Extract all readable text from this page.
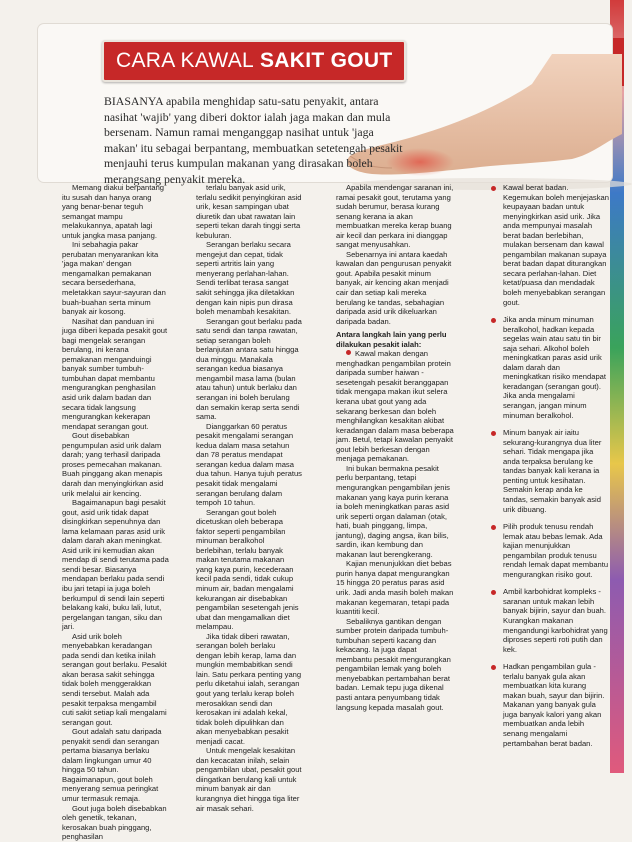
CARA KAWAL SAKIT GOUT

BIASANYA apabila menghidap satu-satu penyakit, antara nasihat 'wajib' yang diberi doktor ialah jaga makan dan mula bersenam. Namun ramai menganggap nasihat untuk 'jaga makan' itu sebagai berpantang, membuatkan setetengah pesakit menjauhi terus kumpulan makanan yang dirasakan boleh merangsang penyakit mereka.

Memang diakui berpantang itu susah dan hanya orang yang benar-benar teguh semangat mampu melakukannya, apatah lagi untuk jangka masa panjang.

Ini sebahagia pakar perubatan menyarankan kita 'jaga makan' dengan mengamalkan pemakanan secara bersederhana, meletakkan sayur-sayuran dan buah-buahan serta minum banyak air kosong.

Nasihat dan panduan ini juga diberi kepada pesakit gout bagi mengelak serangan berulang, ini kerana pemakanan menganduingi banyak sumber tumbuh-tumbuhan dapat membantu mengurangkan penghasilan asid urik dalam badan dan secara tidak langsung mengurangkan kekerapan mendapat serangan gout.

Gout disebabkan pengumpulan asid urik dalam darah; yang terhasil daripada proses pemecahan makanan. Buah pinggang akan menapis darah dan menyingkirkan asid urik melalui air kencing.

Bagaimanapun bagi pesakit gout, asid urik tidak dapat disingkirkan sepenuhnya dan lama kelamaan paras asid urik dalam darah akan meningkat. Asid urik ini kemudian akan mendap di sendi terutama pada sendi besar. Biasanya mendapan berlaku pada sendi ibu jari tetapi ia juga boleh berkumpul di sendi lain seperti belakang kaki, buku lali, lutut, pergelangan tangan, siku dan jari.

Asid urik boleh menyebabkan keradangan pada sendi dan ketika inilah serangan gout berlaku. Pesakit akan berasa sakit sehingga tidak boleh menggerakkan sendi tersebut. Malah ada pesakit terpaksa mengambil cuti sakit setiap kali mengalami serangan gout.

Gout adalah satu daripada penyakit sendi dan serangan pertama biasanya berlaku dalam lingkungan umur 40 hingga 50 tahun. Bagaimanapun, gout boleh menyerang semua peringkat umur termasuk remaja.

Gout juga boleh disebabkan oleh genetik, tekanan, kerosakan buah pinggang, penghasilan

terlalu banyak asid urik, terlalu sedikit penyingkiran asid urik, kesan sampingan ubat diuretik dan ubat rawatan lain seperti tekan darah tinggi serta kebuluran.

Serangan berlaku secara mengejut dan cepat, tidak seperti artritis lain yang menyerang perlahan-lahan. Sendi terlibat terasa sangat sakit sehingga jika diletakkan dengan kain nipis pun dirasa boleh menambah kesakitan.

Serangan gout berlaku pada satu sendi dan tanpa rawatan, setiap serangan boleh berlanjutan antara satu hingga dua minggu. Manakala serangan kedua biasanya mengambil masa lama (bulan atau tahun) untuk berlaku dan serangan ini boleh berulang dan semakin kerap serta sendi sama.

Dianggarkan 60 peratus pesakit mengalami serangan kedua dalam masa setahun dan 78 peratus mendapat serangan kedua dalam masa dua tahun. Hanya tujuh peratus pesakit tidak mengalami serangan berulang dalam tempoh 10 tahun.

Serangan gout boleh dicetuskan oleh beberapa faktor seperti pengambilan minuman beralkohol berlebihan, terlalu banyak makan terutama makanan yang kaya purin, kecederaan kecil pada sendi, tidak cukup minum air, badan mengalami kekurangan air disebabkan pengambilan sesetengah jenis ubat dan mengamalkan diet melampau.

Jika tidak diberi rawatan, serangan boleh berlaku dengan lebih kerap, lama dan mungkin membabitkan sendi lain. Satu perkara penting yang perlu diketahui ialah, serangan gout yang terlalu kerap boleh merosakkan sendi dan kerosakan ini adalah kekal, tidak boleh dipulihkan dan akan menyebabkan pesakit menjadi cacat.

Untuk mengelak kesakitan dan kecacatan inilah, selain pengambilan ubat, pesakit gout diingatkan berulang kali untuk minum banyak air dan kurangnya diet hingga tiga liter air masak sehari.

Apabila mendengar saranan ini, ramai pesakit gout, terutama yang sudah berumur, berasa kurang senang kerana ia akan membuatkan mereka kerap buang air kecil dan perkara ini dianggap sangat menyusahkan.

Sebenarnya ini antara kaedah kawalan dan pengurusan penyakit gout. Apabila pesakit minum banyak, air kencing akan menjadi cair dan setiap kali mereka berulang ke tandas, sebahagian daripada asid urik dikeluarkan daripada badan.

Antara langkah lain yang perlu dilakukan pesakit ialah:

Kawal makan dengan menghadkan pengambilan protein daripada sumber haiwan - sesetengah pesakit beranggapan tidak mengapa makan ikut selera kerana ubat gout yang ada sekarang berkesan dan boleh menghilangkan kesakitan akibat keradangan dalam masa beberapa jam. Betul, tetapi kawalan penyakit gout lebih berkesan dengan menjaga pemakanan.

Ini bukan bermakna pesakit perlu berpantang, tetapi mengurangkan pengambilan jenis makanan yang kaya purin kerana ia boleh meningkatkan paras asid urik seperti organ dalaman (otak, hati, buah pinggang, limpa, jantung), daging angsa, ikan bilis, sardin, ikan kembung dan makanan laut berengkerang.

Kajian menunjukkan diet bebas purin hanya dapat mengurangkan 15 hingga 20 peratus paras asid urik. Jadi anda masih boleh makan makanan kegemaran, tetapi pada kuantiti kecil.

Sebaliknya gantikan dengan sumber protein daripada tumbuh-tumbuhan seperti kacang dan kekacang. Ia juga dapat membantu pesakit mengurangkan pengambilan lemak yang boleh menyebabkan pertambahan berat badan. Lemak tepu juga dikenal pasti antara penyumbang tidak langsung kepada masalah gout.

Kawal berat badan. Kegemukan boleh menjejaskan keupayaan badan untuk menyingkirkan asid urik. Jika anda mempunyai masalah berat badan berlebihan, mulakan bersenam dan kawal pengambilan makanan supaya berat badan dapat diturangkan secara perlahan-lahan. Diet ketat/puasa dan mendadak boleh menyebabkan serangan gout.

Jika anda minum minuman beralkohol, hadkan kepada segelas wain atau satu tin bir saja sehari. Alkohol boleh meningkatkan paras asid urik dalam darah dan meningkatkan risiko mendapat keradangan (serangan gout). Jika anda mengalami serangan, jangan minum minuman beralkohol.

Minum banyak air iaitu sekurang-kurangnya dua liter sehari. Tidak mengapa jika anda terpaksa berulang ke tandas banyak kali kerana ia penting untuk kesihatan. Semakin kerap anda ke tandas, semakin banyak asid urik dibuang.

Pilih produk tenusu rendah lemak atau bebas lemak. Ada kajian menunjukkan pengambilan produk tenusu rendah lemak dapat membantu mengurangkan risiko gout.

Ambil karbohidrat kompleks - saranan untuk makan lebih banyak bijirin, sayur dan buah. Kurangkan makanan mengandungi karbohidrat yang diproses seperti roti putih dan kek.

Hadkan pengambilan gula - terlalu banyak gula akan membuatkan kita kurang makan buah, sayur dan bijirin. Makanan yang banyak gula juga banyak kalori yang akan membuatkan anda lebih senang mengalami pertambahan berat badan.
